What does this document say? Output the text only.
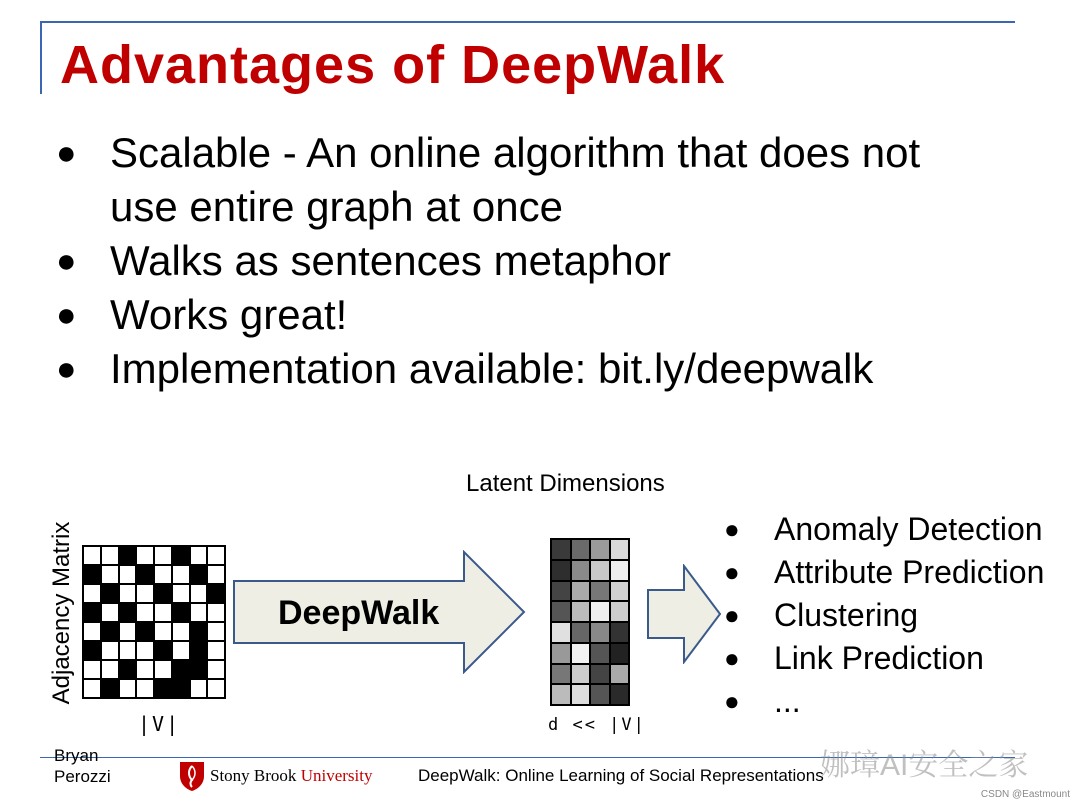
Advantages of DeepWalk
● Scalable - An online algorithm that does not
use entire graph at once
● Walks as sentences metaphor
● Works great!
● Implementation available: bit.ly/deepwalk
Latent Dimensions
Adjacency Matrix
|V|
DeepWalk
d << |V|
● Anomaly Detection
● Attribute Prediction
● Clustering
● Link Prediction
● ...
Bryan
Perozzi	Stony Brook University	DeepWalk: Online Learning of Social Representations
娜璋AI安全之家
CSDN @Eastmount
